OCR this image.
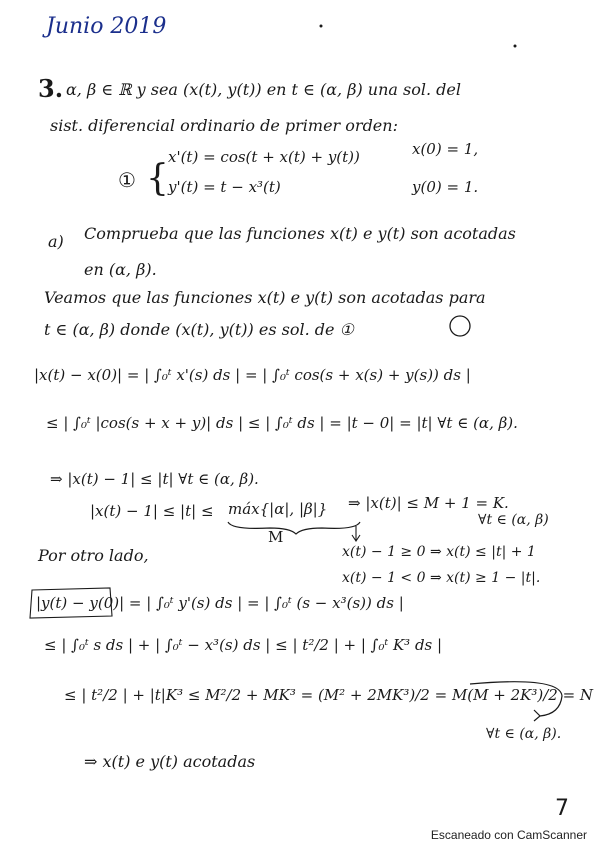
Junio 2019
3. α, β ∈ ℝ y sea (x(t), y(t)) en t ∈ (α, β) una sol. del
sist. diferencial ordinario de primer orden:
① {
x'(t) = cos(t + x(t) + y(t))	x(0) = 1,
y'(t) = t − x³(t)	y(0) = 1.
a) Comprueba que las funciones x(t) e y(t) son acotadas
en (α, β).
Veamos que las funciones x(t) e y(t) son acotadas para
t ∈ (α, β) donde (x(t), y(t)) es sol. de ①
|x(t) − x(0)| = | ∫₀ᵗ x'(s) ds | = | ∫₀ᵗ cos(s + x(s) + y(s)) ds |
≤ | ∫₀ᵗ |cos(s + x + y)| ds | ≤ | ∫₀ᵗ ds | = |t − 0| = |t| ∀t ∈ (α, β).
⇒ |x(t) − 1| ≤ |t| ∀t ∈ (α, β).
|x(t) − 1| ≤ |t| ≤ máx{|α|, |β|}
M
⇒ |x(t)| ≤ M + 1 = K.
∀t ∈ (α, β)
Por otro lado,	x(t) − 1 ≥ 0 ⇒ x(t) ≤ |t| + 1
x(t) − 1 < 0 ⇒ x(t) ≥ 1 − |t|.
|y(t) − y(0)| = | ∫₀ᵗ y'(s) ds | = | ∫₀ᵗ (s − x³(s)) ds |
≤ | ∫₀ᵗ s ds | + | ∫₀ᵗ − x³(s) ds | ≤ | t²/2 | + | ∫₀ᵗ K³ ds |
≤ | t²/2 | + |t|K³ ≤ M²/2 + MK³ = (M² + 2MK³)/2 = M(M + 2K³)/2 = N
∀t ∈ (α, β).
⇒ x(t) e y(t) acotadas
7
Escaneado con CamScanner
